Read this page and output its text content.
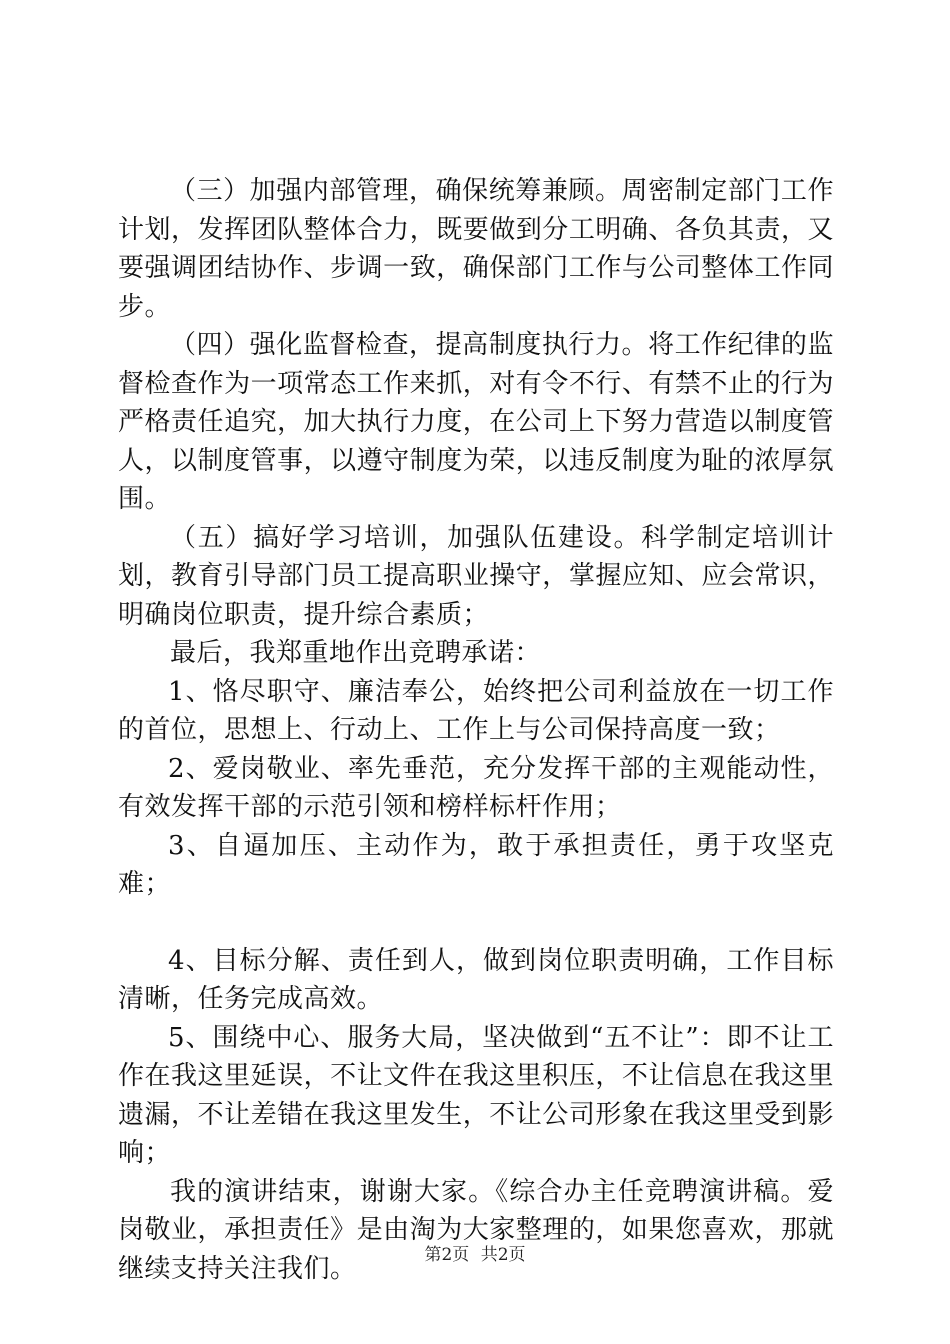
（三）加强内部管理，确保统筹兼顾。周密制定部门工作计划，发挥团队整体合力，既要做到分工明确、各负其责，又要强调团结协作、步调一致，确保部门工作与公司整体工作同步。

（四）强化监督检查，提高制度执行力。将工作纪律的监督检查作为一项常态工作来抓，对有令不行、有禁不止的行为严格责任追究，加大执行力度，在公司上下努力营造以制度管人，以制度管事，以遵守制度为荣，以违反制度为耻的浓厚氛围。

（五）搞好学习培训，加强队伍建设。科学制定培训计划，教育引导部门员工提高职业操守，掌握应知、应会常识，明确岗位职责，提升综合素质；

最后，我郑重地作出竞聘承诺：

1、恪尽职守、廉洁奉公，始终把公司利益放在一切工作的首位，思想上、行动上、工作上与公司保持高度一致；

2、爱岗敬业、率先垂范，充分发挥干部的主观能动性，有效发挥干部的示范引领和榜样标杆作用；

3、自逼加压、主动作为，敢于承担责任，勇于攻坚克难；

4、目标分解、责任到人，做到岗位职责明确，工作目标清晰，任务完成高效。

5、围绕中心、服务大局，坚决做到“五不让”：即不让工作在我这里延误，不让文件在我这里积压，不让信息在我这里遗漏，不让差错在我这里发生，不让公司形象在我这里受到影响；

我的演讲结束，谢谢大家。《综合办主任竞聘演讲稿。爱岗敬业，承担责任》是由淘为大家整理的，如果您喜欢，那就继续支持关注我们。	第2页 共2页
